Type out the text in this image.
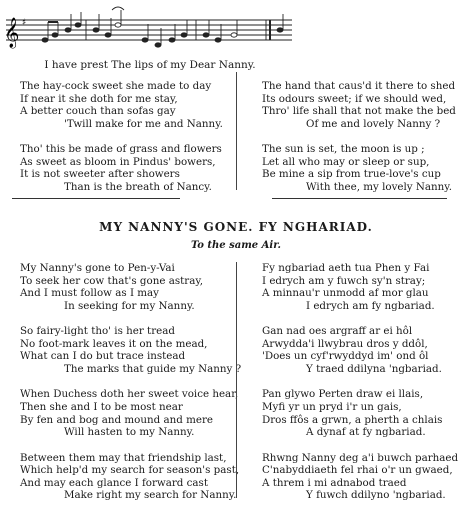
𝄞 ♯
I have prest The lips of my Dear Nanny.
The hay-cock sweet she made to day
If near it she doth for me stay,
A better couch than sofas gay
'Twill make for me and Nanny.
Tho' this be made of grass and flowers
As sweet as bloom in Pindus' bowers,
It is not sweeter after showers
Than is the breath of Nancy.
The hand that caus'd it there to shed
Its odours sweet; if we should wed,
Thro' life shall that not make the bed
Of me and lovely Nanny ?
The sun is set, the moon is up ;
Let all who may or sleep or sup,
Be mine a sip from true-love's cup
With thee, my lovely Nanny.
MY NANNY'S GONE. FY NGHARIAD.
To the same Air.
My Nanny's gone to Pen-y-Vai
To seek her cow that's gone astray,
And I must follow as I may
In seeking for my Nanny.
So fairy-light tho' is her tread
No foot-mark leaves it on the mead,
What can I do but trace instead
The marks that guide my Nanny ?
When Duchess doth her sweet voice hear,
Then she and I to be most near
By fen and bog and mound and mere
Will hasten to my Nanny.
Between them may that friendship last,
Which help'd my search for season's past,
And may each glance I forward cast
Make right my search for Nanny.
Fy ngbariad aeth tua Phen y Fai
I edrych am y fuwch sy'n stray;
A minnau'r unmodd af mor glau
I edrych am fy ngbariad.
Gan nad oes argraff ar ei hôl
Arwydda'i llwybrau dros y ddôl,
'Does un cyf'rwyddyd im' ond ôl
Y traed ddilyna 'ngbariad.
Pan glywo Perten draw ei llais,
Myfi yr un pryd i'r un gais,
Dros ffôs a grwn, a pherth a chlais
A dynaf at fy ngbariad.
Rhwng Nanny deg a'i buwch parhaed
C'nabyddiaeth fel rhai o'r un gwaed,
A threm i mi adnabod traed
Y fuwch ddilyno 'ngbariad.
